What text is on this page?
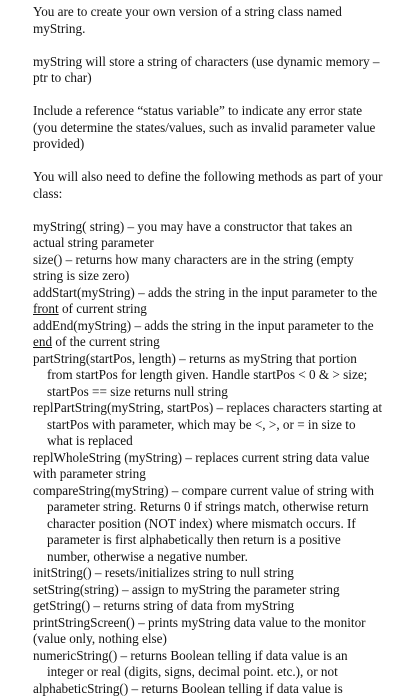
You are to create your own version of a string class named myString.

myString will store a string of characters (use dynamic memory – ptr to char)

Include a reference “status variable” to indicate any error state (you determine the states/values, such as invalid parameter value provided)

You will also need to define the following methods as part of your class:

myString( string) – you may have a constructor that takes an actual string parameter

size() – returns how many characters are in the string (empty string is size zero)

addStart(myString) – adds the string in the input parameter to the front of current string

addEnd(myString) – adds the string in the input parameter to the end of the current string

partString(startPos, length) – returns as myString that portion from startPos for length given. Handle startPos < 0 & > size; startPos == size returns null string

replPartString(myString, startPos) – replaces characters starting at startPos with parameter, which may be <, >, or = in size to what is replaced

replWholeString (myString) – replaces current string data value with parameter string

compareString(myString) – compare current value of string with parameter string. Returns 0 if strings match, otherwise return character position (NOT index) where mismatch occurs. If parameter is first alphabetically then return is a positive number, otherwise a negative number.

initString() – resets/initializes string to null string

setString(string) – assign to myString the parameter string

getString() – returns string of data from myString

printStringScreen() – prints myString data value to the monitor (value only, nothing else)

numericString() – returns Boolean telling if data value is an integer or real (digits, signs, decimal point. etc.), or not

alphabeticString() – returns Boolean telling if data value is
